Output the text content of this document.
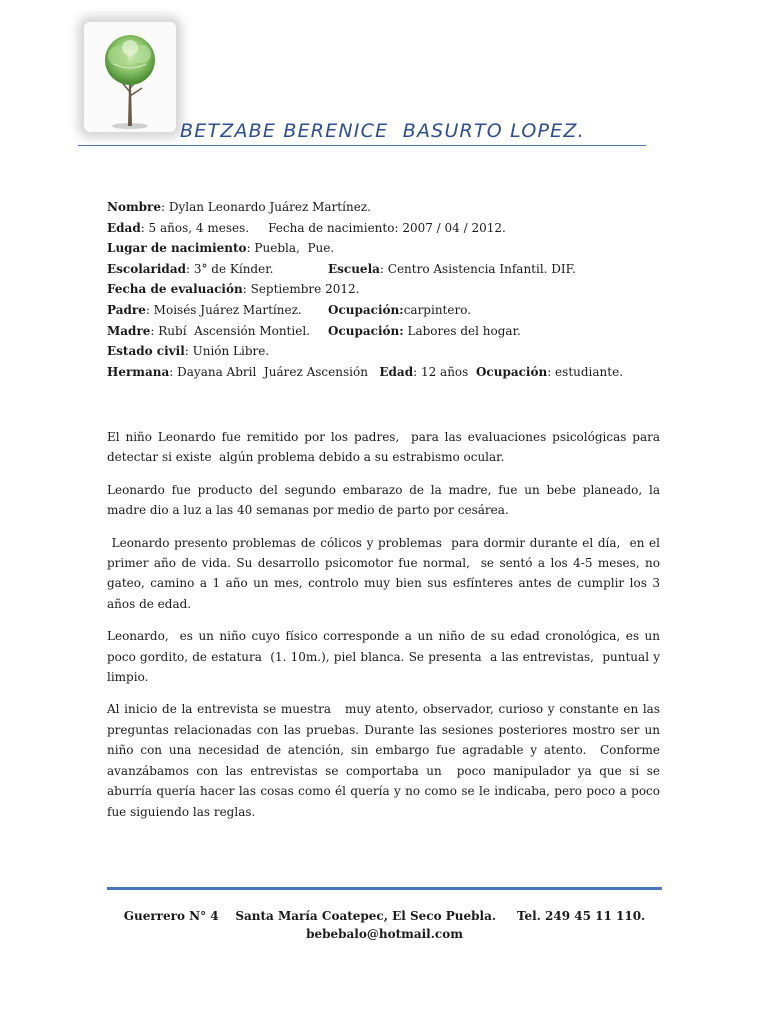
BETZABE BERENICE  BASURTO LOPEZ.
Nombre: Dylan Leonardo Juárez Martínez.
Edad: 5 años, 4 meses.     Fecha de nacimiento: 2007 / 04 / 2012.
Lugar de nacimiento: Puebla,  Pue.
Escolaridad: 3° de Kínder.	Escuela: Centro Asistencia Infantil. DIF.
Fecha de evaluación: Septiembre 2012.
Padre: Moisés Juárez Martínez. Ocupación:carpintero.
Madre: Rubí  Ascensión Montiel. Ocupación: Labores del hogar.
Estado civil: Unión Libre.
Hermana: Dayana Abril  Juárez Ascensión Edad: 12 años Ocupación: estudiante.

El niño Leonardo fue remitido por los padres,  para las evaluaciones psicológicas para detectar si existe  algún problema debido a su estrabismo ocular.

Leonardo fue producto del segundo embarazo de la madre, fue un bebe planeado, la madre dio a luz a las 40 semanas por medio de parto por cesárea.

Leonardo presento problemas de cólicos y problemas  para dormir durante el día,  en el primer año de vida. Su desarrollo psicomotor fue normal,  se sentó a los 4-5 meses, no gateo, camino a 1 año un mes, controlo muy bien sus esfínteres antes de cumplir los 3 años de edad.

Leonardo,  es un niño cuyo físico corresponde a un niño de su edad cronológica, es un poco gordito, de estatura  (1. 10m.), piel blanca. Se presenta  a las entrevistas,  puntual y limpio.

Al inicio de la entrevista se muestra   muy atento, observador, curioso y constante en las preguntas relacionadas con las pruebas. Durante las sesiones posteriores mostro ser un niño con una necesidad de atención, sin embargo fue agradable y atento.  Conforme avanzábamos con las entrevistas se comportaba un  poco manipulador ya que si se aburría quería hacer las cosas como él quería y no como se le indicaba, pero poco a poco fue siguiendo las reglas.

Guerrero N° 4    Santa María Coatepec, El Seco Puebla.     Tel. 249 45 11 110.
bebebalo@hotmail.com
